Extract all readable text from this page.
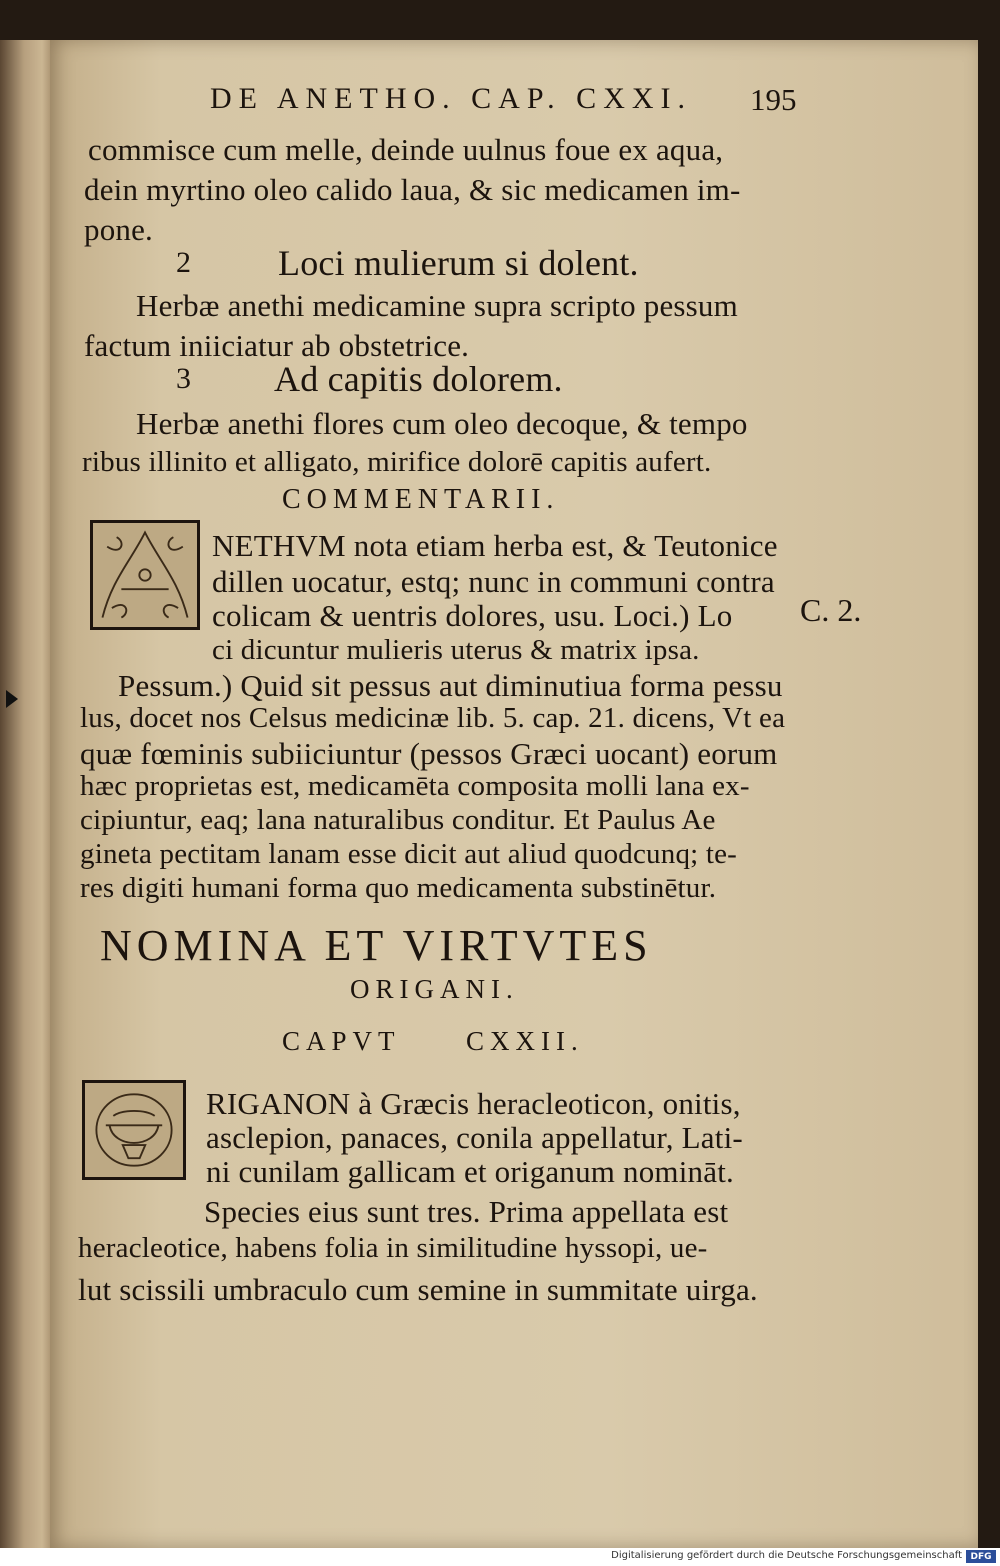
DE ANETHO. CAP. CXXI. 195
commisce cum melle, deinde uulnus foue ex aqua,
dein myrtino oleo calido laua, & sic medicamen im-
pone.
2 Loci mulierum si dolent.
Herbæ anethi medicamine supra scripto pessum
factum iniiciatur ab obstetrice.
3 Ad capitis dolorem.
Herbæ anethi flores cum oleo decoque, & tempo
ribus illinito et alligato, mirifice dolorē capitis aufert.
COMMENTARII.
NETHVM nota etiam herba est, & Teutonice
dillen uocatur, estq; nunc in communi contra
colicam & uentris dolores, usu. Loci.) Lo
ci dicuntur mulieris uterus & matrix ipsa.
C. 2.
Pessum.) Quid sit pessus aut diminutiua forma pessu
lus, docet nos Celsus medicinæ lib. 5. cap. 21. dicens, Vt ea
quæ fœminis subiiciuntur (pessos Græci uocant) eorum
hæc proprietas est, medicamēta composita molli lana ex-
cipiuntur, eaq; lana naturalibus conditur. Et Paulus Ae
gineta pectitam lanam esse dicit aut aliud quodcunq; te-
res digiti humani forma quo medicamenta substinētur.
NOMINA ET VIRTVTES
ORIGANI.
CAPVT CXXII.
RIGANON à Græcis heracleoticon, onitis,
asclepion, panaces, conila appellatur, Lati-
ni cunilam gallicam et origanum nomināt.
Species eius sunt tres. Prima appellata est
heracleotice, habens folia in similitudine hyssopi, ue-
lut scissili umbraculo cum semine in summitate uirga.
Digitalisierung gefördert durch die Deutsche Forschungsgemeinschaft DFG
